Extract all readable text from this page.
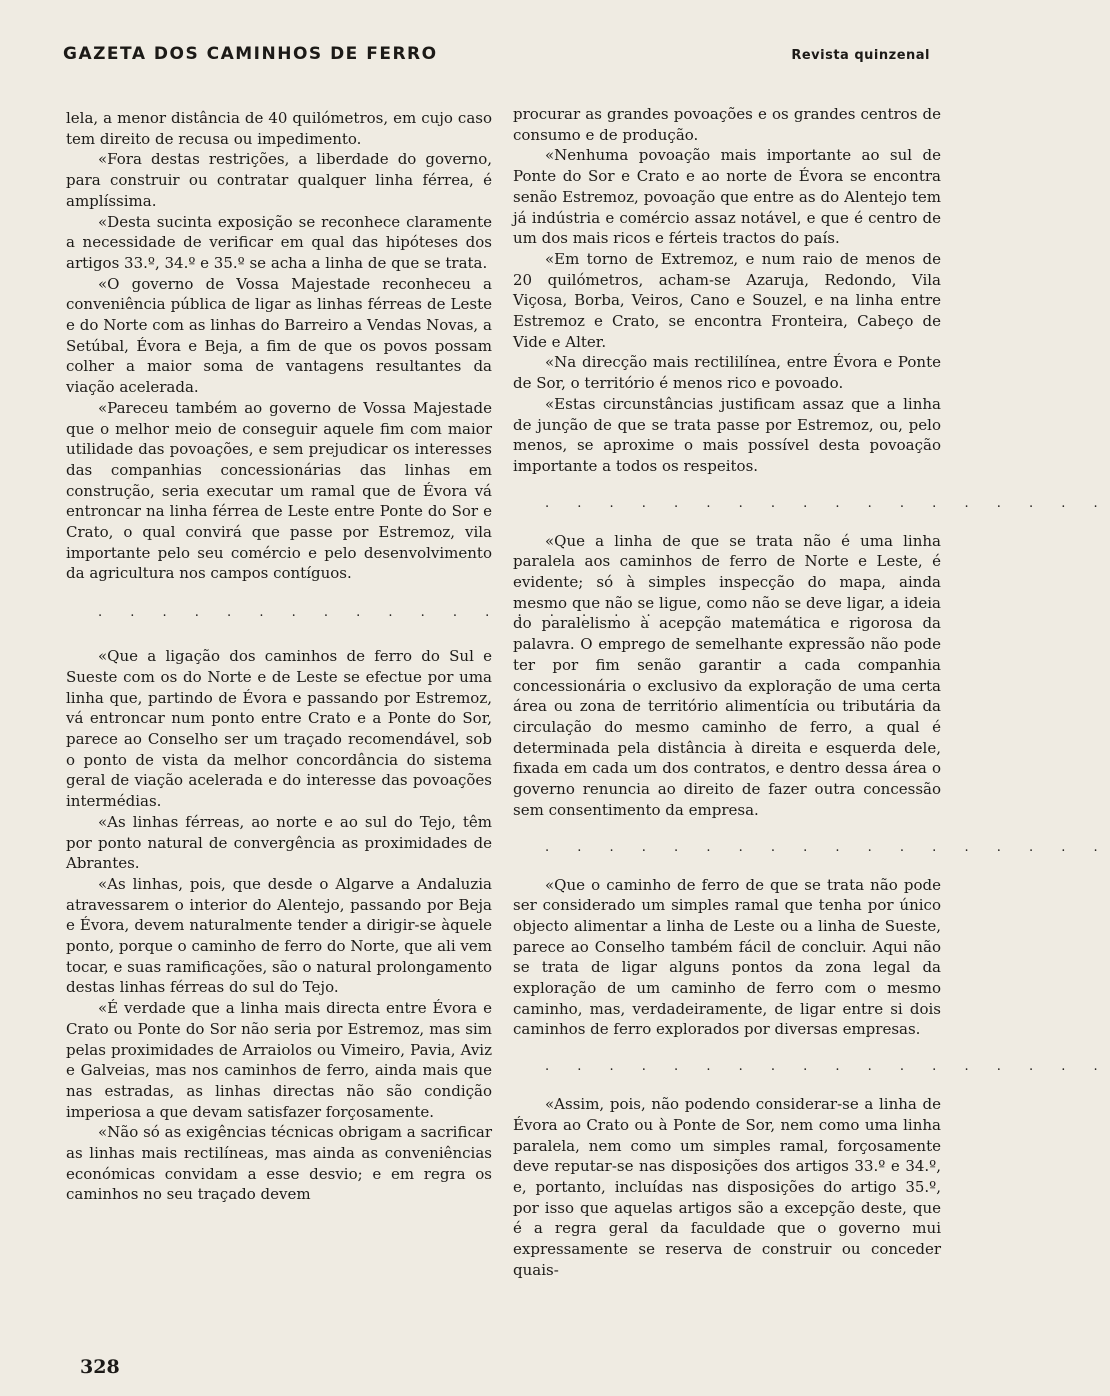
GAZETA DOS CAMINHOS DE FERRO	Revista quinzenal

lela, a menor distância de 40 quilómetros, em cujo caso tem direito de recusa ou impedimento.

«Fora destas restrições, a liberdade do governo, para construir ou contratar qualquer linha férrea, é amplíssima.

«Desta sucinta exposição se reconhece claramente a necessidade de verificar em qual das hipóteses dos artigos 33.º, 34.º e 35.º se acha a linha de que se trata.

«O governo de Vossa Majestade reconheceu a conveniência pública de ligar as linhas férreas de Leste e do Norte com as linhas do Barreiro a Vendas Novas, a Setúbal, Évora e Beja, a fim de que os povos possam colher a maior soma de vantagens resultantes da viação acelerada.

«Pareceu também ao governo de Vossa Majestade que o melhor meio de conseguir aquele fim com maior utilidade das povoações, e sem prejudicar os interesses das companhias concessionárias das linhas em construção, seria executar um ramal que de Évora vá entroncar na linha férrea de Leste entre Ponte do Sor e Crato, o qual convirá que passe por Estremoz, vila importante pelo seu comércio e pelo desenvolvimento da agricultura nos campos contíguos.

. . . . . . . . . . . . . . . . . .

«Que a ligação dos caminhos de ferro do Sul e Sueste com os do Norte e de Leste se efectue por uma linha que, partindo de Évora e passando por Estremoz, vá entroncar num ponto entre Crato e a Ponte do Sor, parece ao Conselho ser um traçado recomendável, sob o ponto de vista da melhor concordância do sistema geral de viação acelerada e do interesse das povoações intermédias.

«As linhas férreas, ao norte e ao sul do Tejo, têm por ponto natural de convergência as proximidades de Abrantes.

«As linhas, pois, que desde o Algarve a Andaluzia atravessarem o interior do Alentejo, passando por Beja e Évora, devem naturalmente tender a dirigir-se àquele ponto, porque o caminho de ferro do Norte, que ali vem tocar, e suas ramificações, são o natural prolongamento destas linhas férreas do sul do Tejo.

«É verdade que a linha mais directa entre Évora e Crato ou Ponte do Sor não seria por Estremoz, mas sim pelas proximidades de Arraiolos ou Vimeiro, Pavia, Aviz e Galveias, mas nos caminhos de ferro, ainda mais que nas estradas, as linhas directas não são condição imperiosa a que devam satisfazer forçosamente.

«Não só as exigências técnicas obrigam a sacrificar as linhas mais rectilíneas, mas ainda as conveniências económicas convidam a esse desvio; e em regra os caminhos no seu traçado devem

procurar as grandes povoações e os grandes centros de consumo e de produção.

«Nenhuma povoação mais importante ao sul de Ponte do Sor e Crato e ao norte de Évora se encontra senão Estremoz, povoação que entre as do Alentejo tem já indústria e comércio assaz notável, e que é centro de um dos mais ricos e férteis tractos do país.

«Em torno de Extremoz, e num raio de menos de 20 quilómetros, acham-se Azaruja, Redondo, Vila Viçosa, Borba, Veiros, Cano e Souzel, e na linha entre Estremoz e Crato, se encontra Fronteira, Cabeço de Vide e Alter.

«Na direcção mais rectililínea, entre Évora e Ponte de Sor, o território é menos rico e povoado.

«Estas circunstâncias justificam assaz que a linha de junção de que se trata passe por Estremoz, ou, pelo menos, se aproxime o mais possível desta povoação importante a todos os respeitos.

. . . . . . . . . . . . . . . . . .

«Que a linha de que se trata não é uma linha paralela aos caminhos de ferro de Norte e Leste, é evidente; só à simples inspecção do mapa, ainda mesmo que não se ligue, como não se deve ligar, a ideia do paralelismo à acepção matemática e rigorosa da palavra. O emprego de semelhante expressão não pode ter por fim senão garantir a cada companhia concessionária o exclusivo da exploração de uma certa área ou zona de território alimentícia ou tributária da circulação do mesmo caminho de ferro, a qual é determinada pela distância à direita e esquerda dele, fixada em cada um dos contratos, e dentro dessa área o governo renuncia ao direito de fazer outra concessão sem consentimento da empresa.

. . . . . . . . . . . . . . . . . .

«Que o caminho de ferro de que se trata não pode ser considerado um simples ramal que tenha por único objecto alimentar a linha de Leste ou a linha de Sueste, parece ao Conselho também fácil de concluir. Aqui não se trata de ligar alguns pontos da zona legal da exploração de um caminho de ferro com o mesmo caminho, mas, verdadeiramente, de ligar entre si dois caminhos de ferro explorados por diversas empresas.

. . . . . . . . . . . . . . . . . .

«Assim, pois, não podendo considerar-se a linha de Évora ao Crato ou à Ponte de Sor, nem como uma linha paralela, nem como um simples ramal, forçosamente deve reputar-se nas disposições dos artigos 33.º e 34.º, e, portanto, incluídas nas disposições do artigo 35.º, por isso que aquelas artigos são a excepção deste, que é a regra geral da faculdade que o governo mui expressamente se reserva de construir ou conceder quais-

328
